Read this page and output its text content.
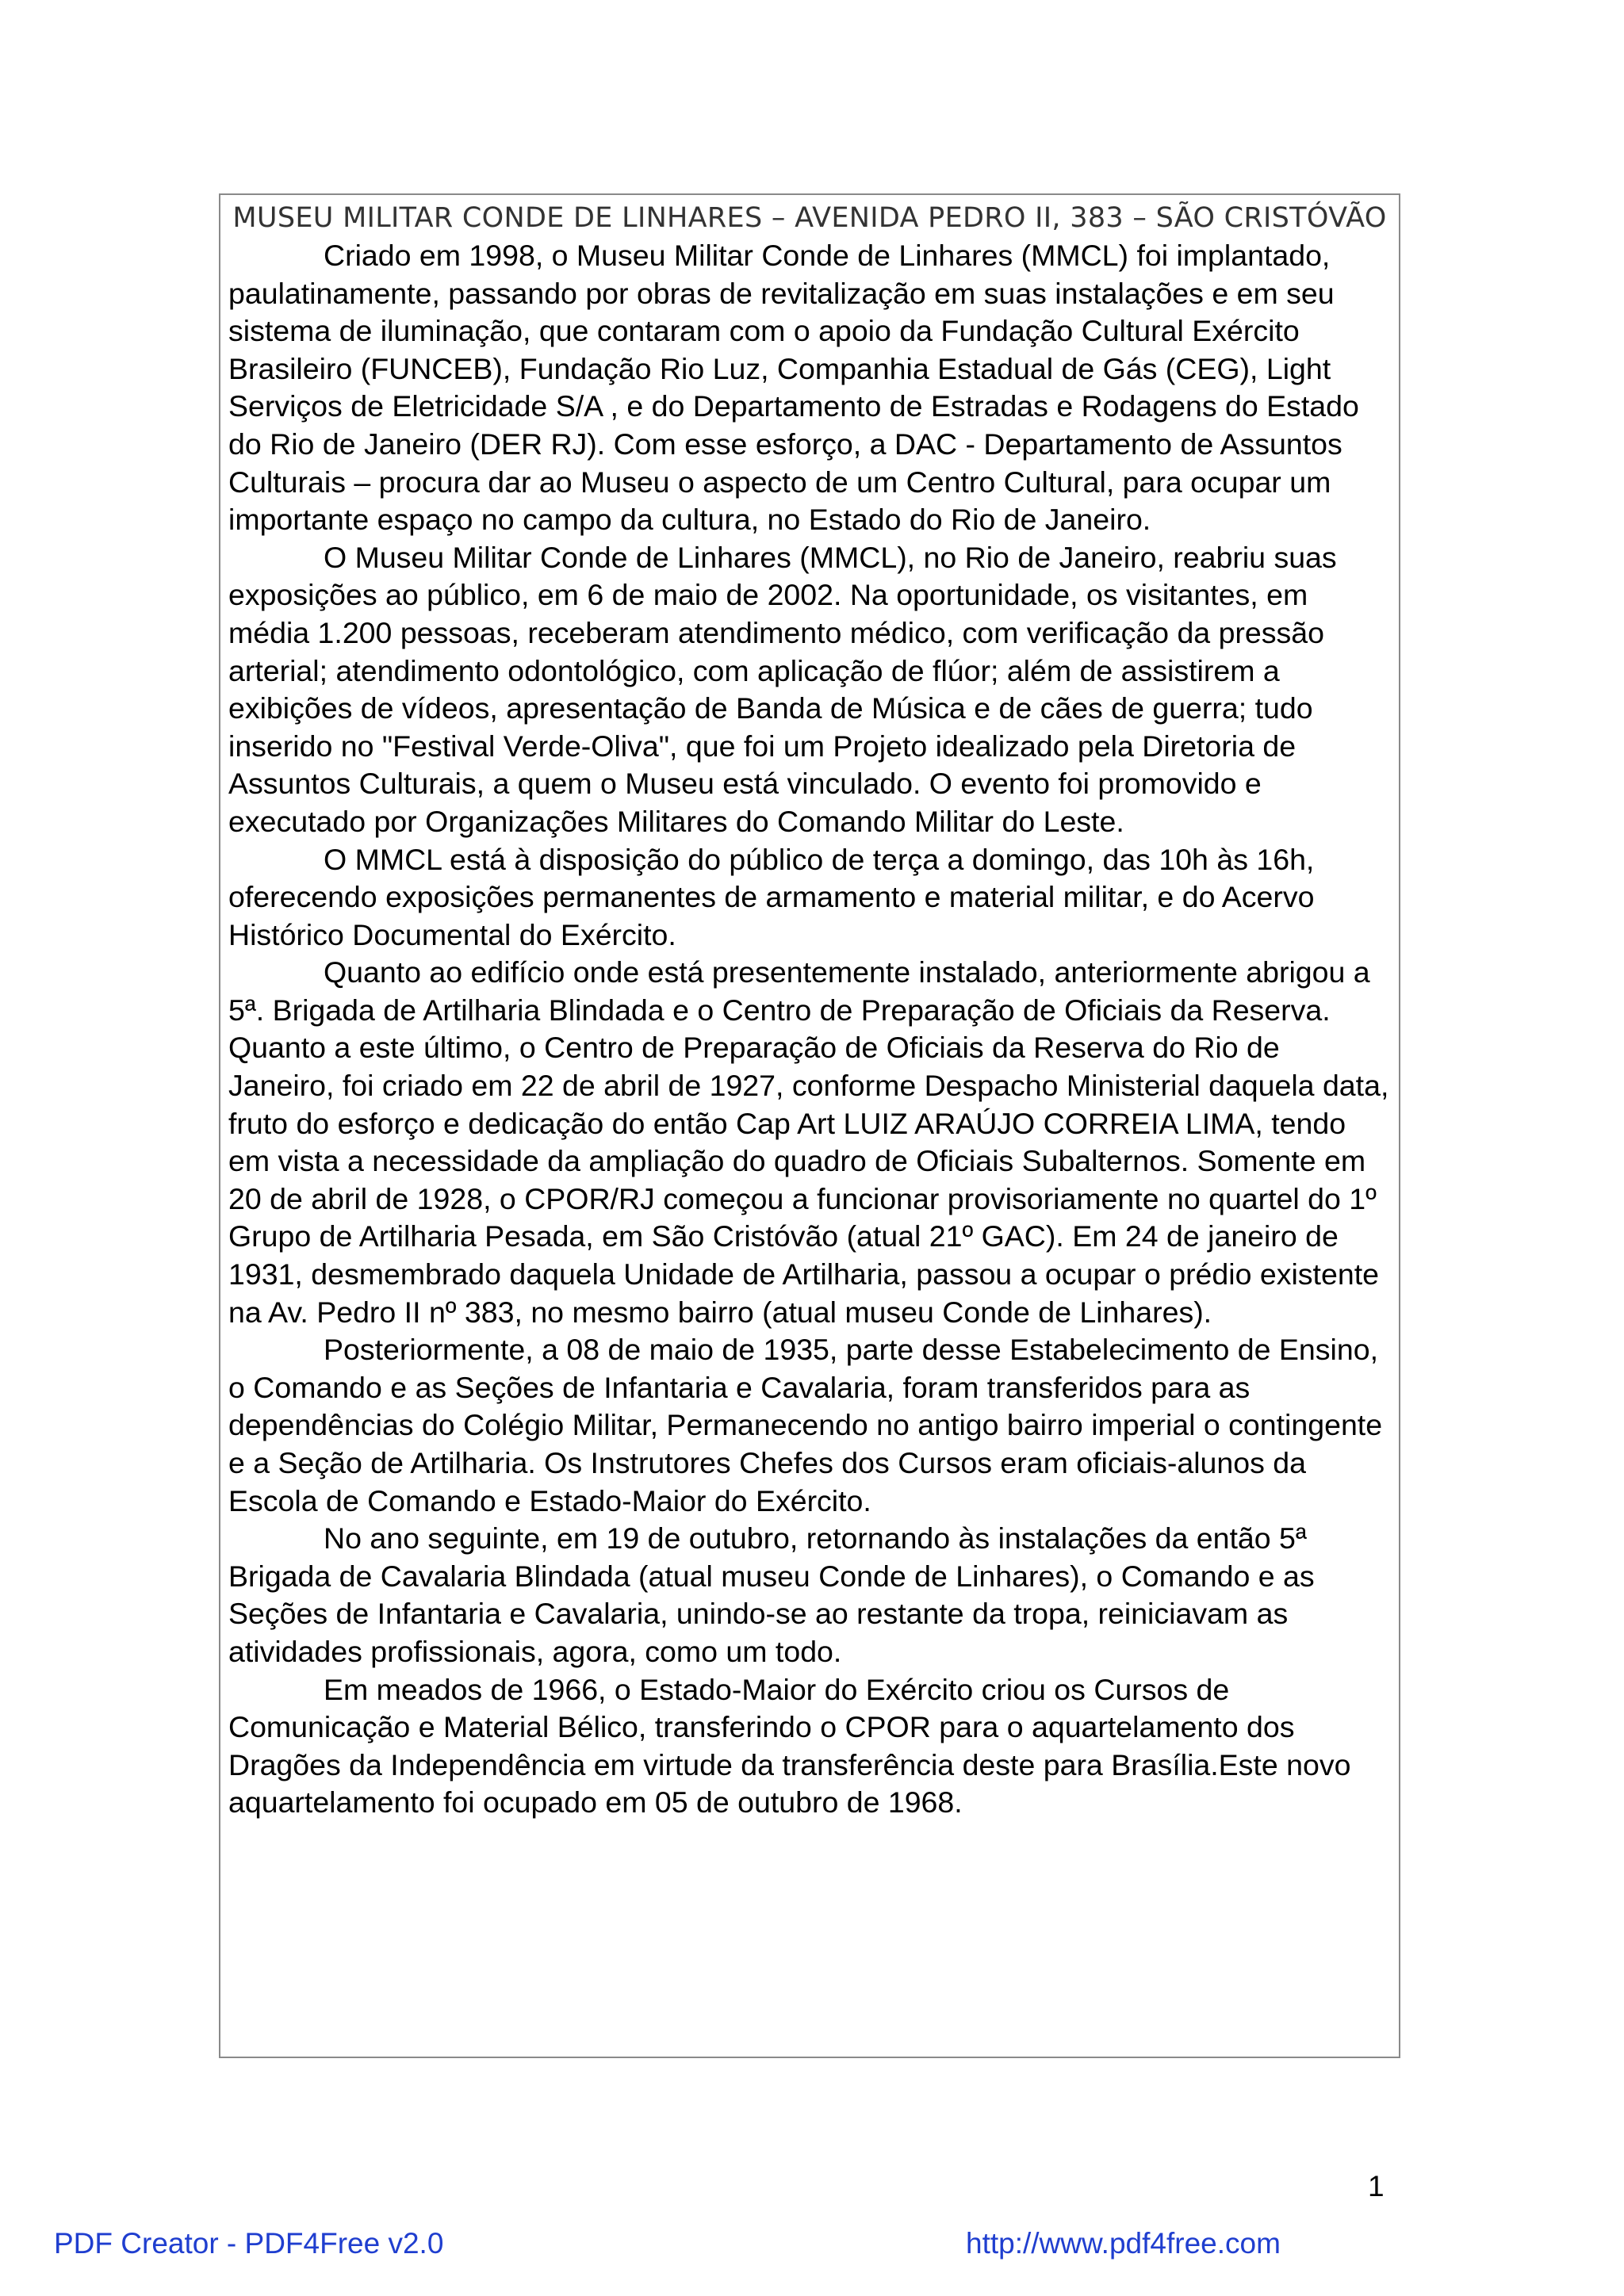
MUSEU MILITAR CONDE DE LINHARES – AVENIDA PEDRO II, 383 – SÃO CRISTÓVÃO

Criado em 1998, o Museu Militar Conde de Linhares (MMCL) foi implantado, paulatinamente, passando por obras de revitalização em suas instalações e em seu sistema de iluminação, que contaram com o apoio da Fundação Cultural Exército Brasileiro (FUNCEB), Fundação Rio Luz, Companhia Estadual de Gás (CEG), Light Serviços de Eletricidade S/A , e do Departamento de Estradas e Rodagens do Estado do Rio de Janeiro (DER RJ). Com esse esforço, a DAC - Departamento de Assuntos Culturais – procura dar ao Museu o aspecto de um Centro Cultural, para ocupar um importante espaço no campo da cultura, no Estado do Rio de Janeiro.

O Museu Militar Conde de Linhares (MMCL), no Rio de Janeiro, reabriu suas exposições ao público, em 6 de maio de 2002. Na oportunidade, os visitantes, em média 1.200 pessoas, receberam atendimento médico, com verificação da pressão arterial; atendimento odontológico, com aplicação de flúor; além de assistirem a exibições de vídeos, apresentação de Banda de Música e de cães de guerra; tudo inserido no "Festival Verde-Oliva", que foi um Projeto idealizado pela Diretoria de Assuntos Culturais, a quem o Museu está vinculado. O evento foi promovido e executado por Organizações Militares do Comando Militar do Leste.

O MMCL está à disposição do público de terça a domingo, das 10h às 16h, oferecendo exposições permanentes de armamento e material militar, e do Acervo Histórico Documental do Exército.

Quanto ao edifício onde está presentemente instalado, anteriormente abrigou a 5ª. Brigada de Artilharia Blindada e o Centro de Preparação de Oficiais da Reserva. Quanto a este último, o Centro de Preparação de Oficiais da Reserva do Rio de Janeiro, foi criado em 22 de abril de 1927, conforme Despacho Ministerial daquela data, fruto do esforço e dedicação do então Cap Art LUIZ ARAÚJO CORREIA LIMA, tendo em vista a necessidade da ampliação do quadro de Oficiais Subalternos. Somente em 20 de abril de 1928, o CPOR/RJ começou a funcionar provisoriamente no quartel do 1º Grupo de Artilharia Pesada, em São Cristóvão (atual 21º GAC). Em 24 de janeiro de 1931, desmembrado daquela Unidade de Artilharia, passou a ocupar o prédio existente na Av. Pedro II nº 383, no mesmo bairro (atual museu Conde de Linhares).

Posteriormente, a 08 de maio de 1935, parte desse Estabelecimento de Ensino, o Comando e as Seções de Infantaria e Cavalaria, foram transferidos para as dependências do Colégio Militar, Permanecendo no antigo bairro imperial o contingente e a Seção de Artilharia. Os Instrutores Chefes dos Cursos eram oficiais-alunos da Escola de Comando e Estado-Maior do Exército.

No ano seguinte, em 19 de outubro, retornando às instalações da então 5ª Brigada de Cavalaria Blindada (atual museu Conde de Linhares), o Comando e as Seções de Infantaria e Cavalaria, unindo-se ao restante da tropa, reiniciavam as atividades profissionais, agora, como um todo.

Em meados de 1966, o Estado-Maior do Exército criou os Cursos de Comunicação e Material Bélico, transferindo o CPOR para o aquartelamento dos Dragões da Independência em virtude da transferência deste para Brasília.Este novo aquartelamento foi ocupado em 05 de outubro de 1968.

1
PDF Creator - PDF4Free v2.0	http://www.pdf4free.com
